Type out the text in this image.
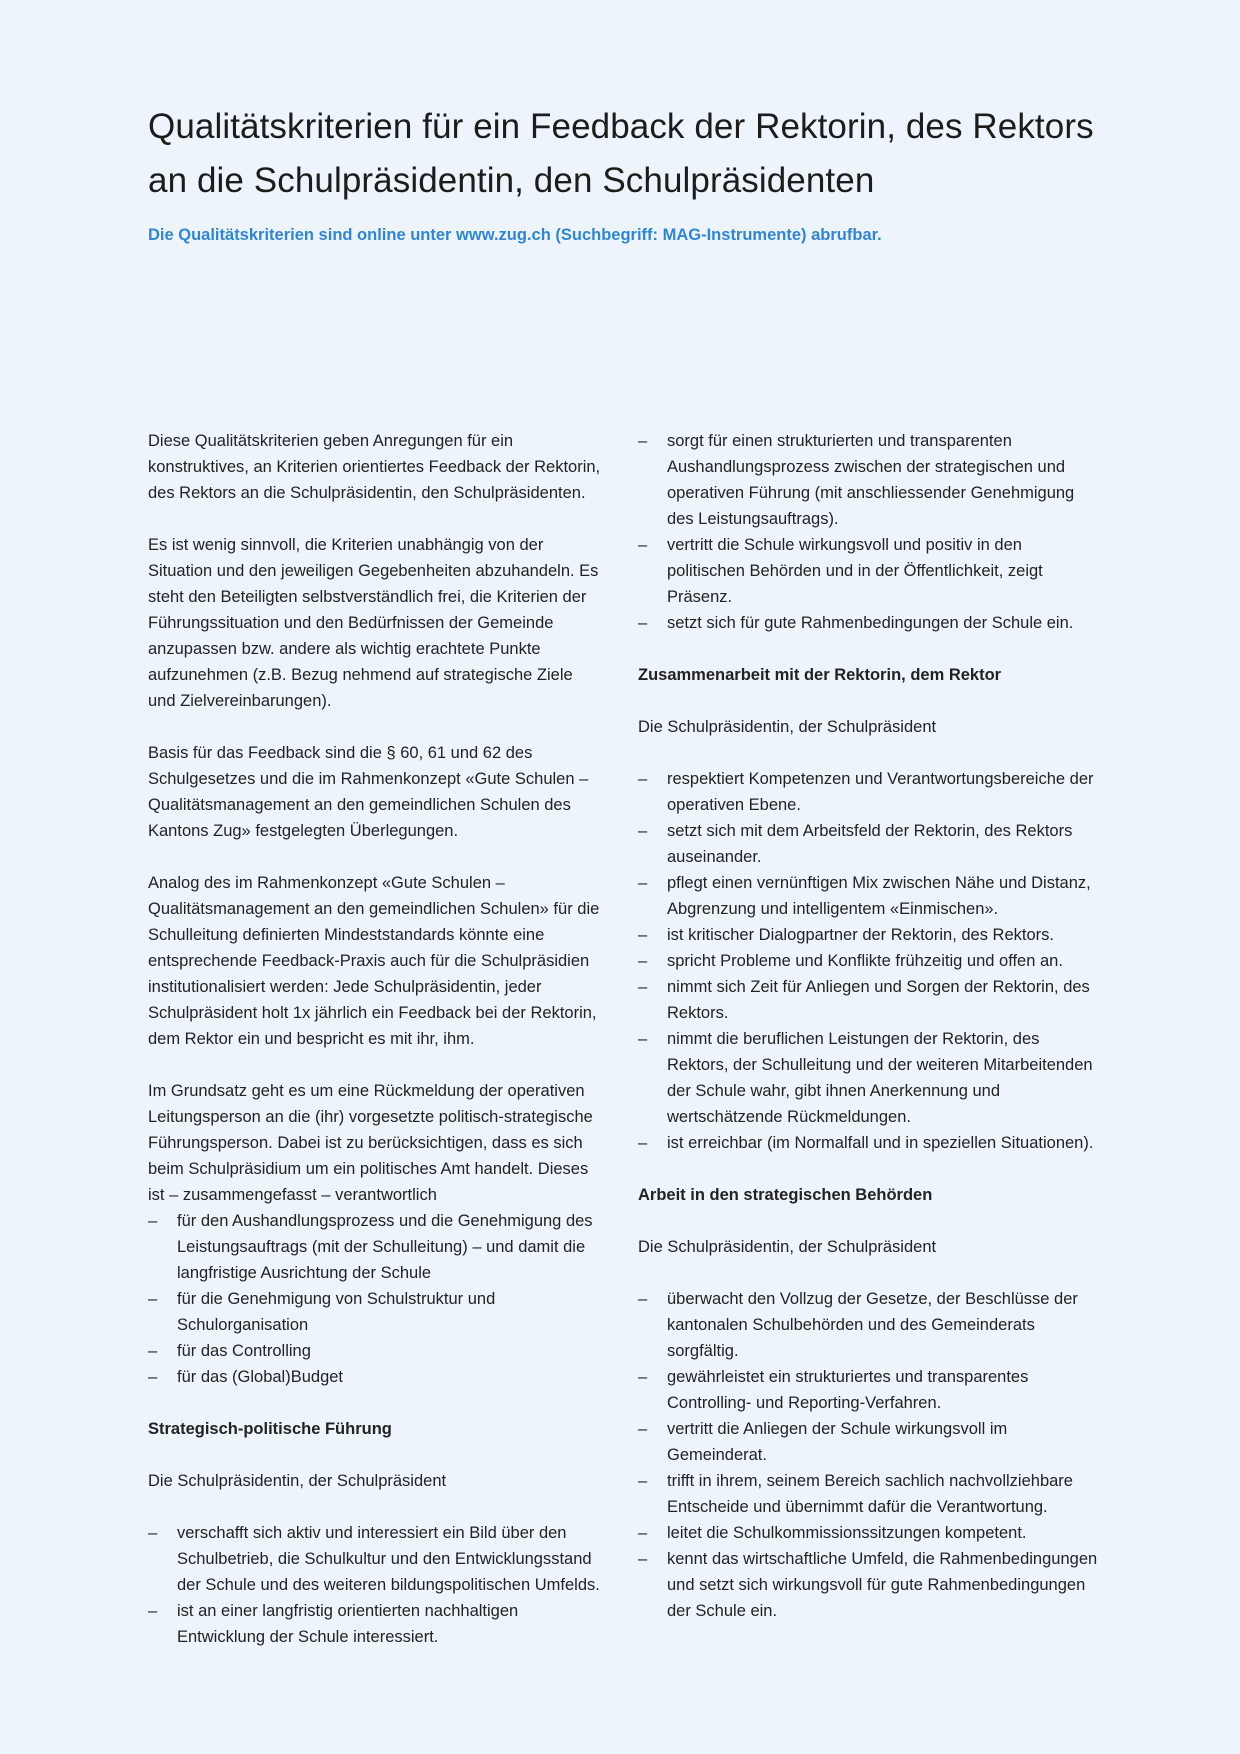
Qualitätskriterien für ein Feedback der Rektorin, des Rektors an die Schulpräsidentin, den Schulpräsidenten

Die Qualitätskriterien sind online unter www.zug.ch (Suchbegriff: MAG-Instrumente) abrufbar.

Diese Qualitätskriterien geben Anregungen für ein konstruktives, an Kriterien orientiertes Feedback der Rektorin, des Rektors an die Schulpräsidentin, den Schulpräsidenten.

Es ist wenig sinnvoll, die Kriterien unabhängig von der Situation und den jeweiligen Gegebenheiten abzuhandeln. Es steht den Beteiligten selbstverständlich frei, die Kriterien der Führungssituation und den Bedürfnissen der Gemeinde anzupassen bzw. andere als wichtig erachtete Punkte aufzunehmen (z.B. Bezug nehmend auf strategische Ziele und Zielvereinbarungen).

Basis für das Feedback sind die § 60, 61 und 62 des Schulgesetzes und die im Rahmenkonzept «Gute Schulen – Qualitätsmanagement an den gemeindlichen Schulen des Kantons Zug» festgelegten Überlegungen.

Analog des im Rahmenkonzept «Gute Schulen – Qualitätsmanagement an den gemeindlichen Schulen» für die Schulleitung definierten Mindeststandards könnte eine entsprechende Feedback-Praxis auch für die Schulpräsidien institutionalisiert werden: Jede Schulpräsidentin, jeder Schulpräsident holt 1x jährlich ein Feedback bei der Rektorin, dem Rektor ein und bespricht es mit ihr, ihm.

Im Grundsatz geht es um eine Rückmeldung der operativen Leitungsperson an die (ihr) vorgesetzte politisch-strategische Führungsperson. Dabei ist zu berücksichtigen, dass es sich beim Schulpräsidium um ein politisches Amt handelt. Dieses ist – zusammengefasst – verantwortlich

– für den Aushandlungsprozess und die Genehmigung des Leistungsauftrags (mit der Schulleitung) – und damit die langfristige Ausrichtung der Schule
– für die Genehmigung von Schulstruktur und Schulorganisation
– für das Controlling
– für das (Global)Budget

Strategisch-politische Führung

Die Schulpräsidentin, der Schulpräsident

– verschafft sich aktiv und interessiert ein Bild über den Schulbetrieb, die Schulkultur und den Entwicklungsstand der Schule und des weiteren bildungspolitischen Umfelds.
– ist an einer langfristig orientierten nachhaltigen Entwicklung der Schule interessiert.
– sorgt für einen strukturierten und transparenten Aushandlungsprozess zwischen der strategischen und operativen Führung (mit anschliessender Genehmigung des Leistungsauftrags).
– vertritt die Schule wirkungsvoll und positiv in den politischen Behörden und in der Öffentlichkeit, zeigt Präsenz.
– setzt sich für gute Rahmenbedingungen der Schule ein.

Zusammenarbeit mit der Rektorin, dem Rektor

Die Schulpräsidentin, der Schulpräsident

– respektiert Kompetenzen und Verantwortungsbereiche der operativen Ebene.
– setzt sich mit dem Arbeitsfeld der Rektorin, des Rektors auseinander.
– pflegt einen vernünftigen Mix zwischen Nähe und Distanz, Abgrenzung und intelligentem «Einmischen».
– ist kritischer Dialogpartner der Rektorin, des Rektors.
– spricht Probleme und Konflikte frühzeitig und offen an.
– nimmt sich Zeit für Anliegen und Sorgen der Rektorin, des Rektors.
– nimmt die beruflichen Leistungen der Rektorin, des Rektors, der Schulleitung und der weiteren Mitarbeitenden der Schule wahr, gibt ihnen Anerkennung und wertschätzende Rückmeldungen.
– ist erreichbar (im Normalfall und in speziellen Situationen).

Arbeit in den strategischen Behörden

Die Schulpräsidentin, der Schulpräsident

– überwacht den Vollzug der Gesetze, der Beschlüsse der kantonalen Schulbehörden und des Gemeinderats sorgfältig.
– gewährleistet ein strukturiertes und transparentes Controlling- und Reporting-Verfahren.
– vertritt die Anliegen der Schule wirkungsvoll im Gemeinderat.
– trifft in ihrem, seinem Bereich sachlich nachvollziehbare Entscheide und übernimmt dafür die Verantwortung.
– leitet die Schulkommissionssitzungen kompetent.
– kennt das wirtschaftliche Umfeld, die Rahmenbedingungen und setzt sich wirkungsvoll für gute Rahmenbedingungen der Schule ein.
